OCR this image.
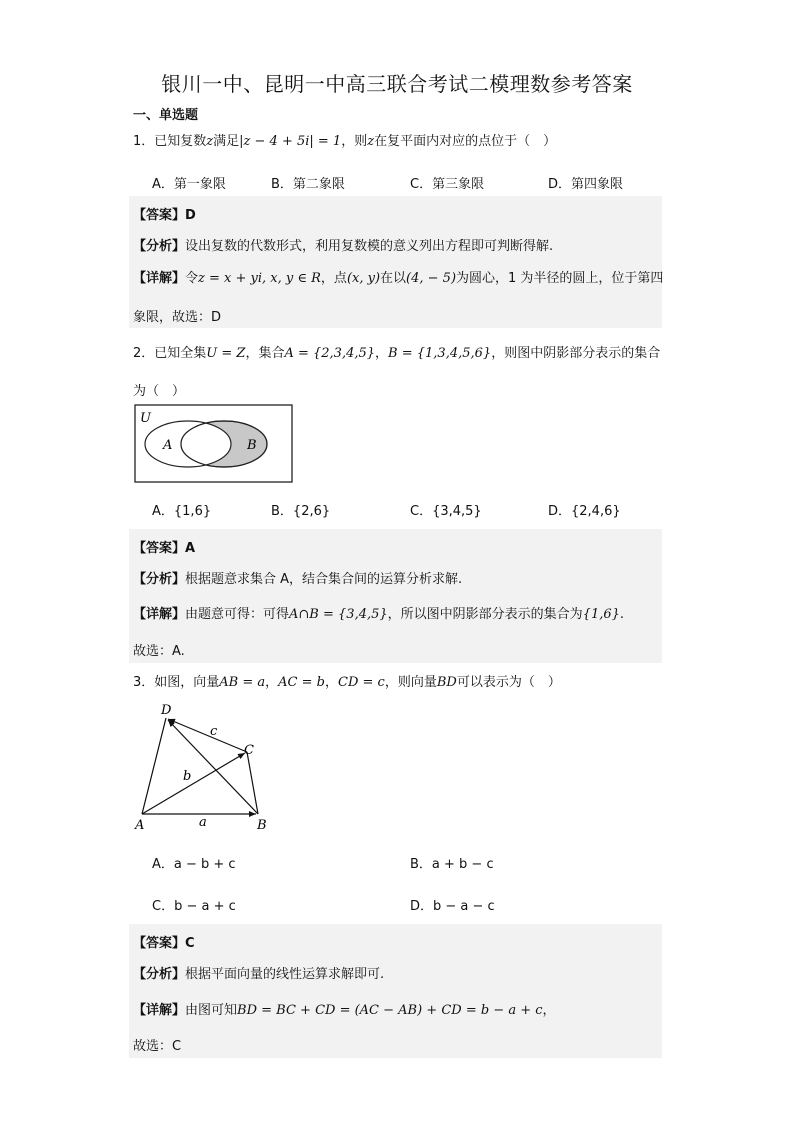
银川一中、昆明一中高三联合考试二模理数参考答案
一、单选题
1．已知复数z满足|z − 4 + 5i| = 1，则z在复平面内对应的点位于（　）
A．第一象限	B．第二象限	C．第三象限	D．第四象限
【答案】D
【分析】设出复数的代数形式，利用复数模的意义列出方程即可判断得解.
【详解】令z = x + yi, x, y ∈ R，点(x, y)在以(4, − 5)为圆心，1 为半径的圆上，位于第四
象限，故选：D
2．已知全集U = Z，集合A = {2,3,4,5}，B = {1,3,4,5,6}，则图中阴影部分表示的集合
为（　）
U
A	B
A．{1,6}	B．{2,6}	C．{3,4,5}	D．{2,4,6}
【答案】A
【分析】根据题意求集合 A，结合集合间的运算分析求解.
【详解】由题意可得：可得A∩B = {3,4,5}，所以图中阴影部分表示的集合为{1,6}.
故选：A.
3．如图，向量AB = a，AC = b，CD = c，则向量BD可以表示为（　）
D
C
A	B
a
b
c
A．a − b + c	B．a + b − c
C．b − a + c	D．b − a − c
【答案】C
【分析】根据平面向量的线性运算求解即可.
【详解】由图可知BD = BC + CD = (AC − AB) + CD = b − a + c，
故选：C
